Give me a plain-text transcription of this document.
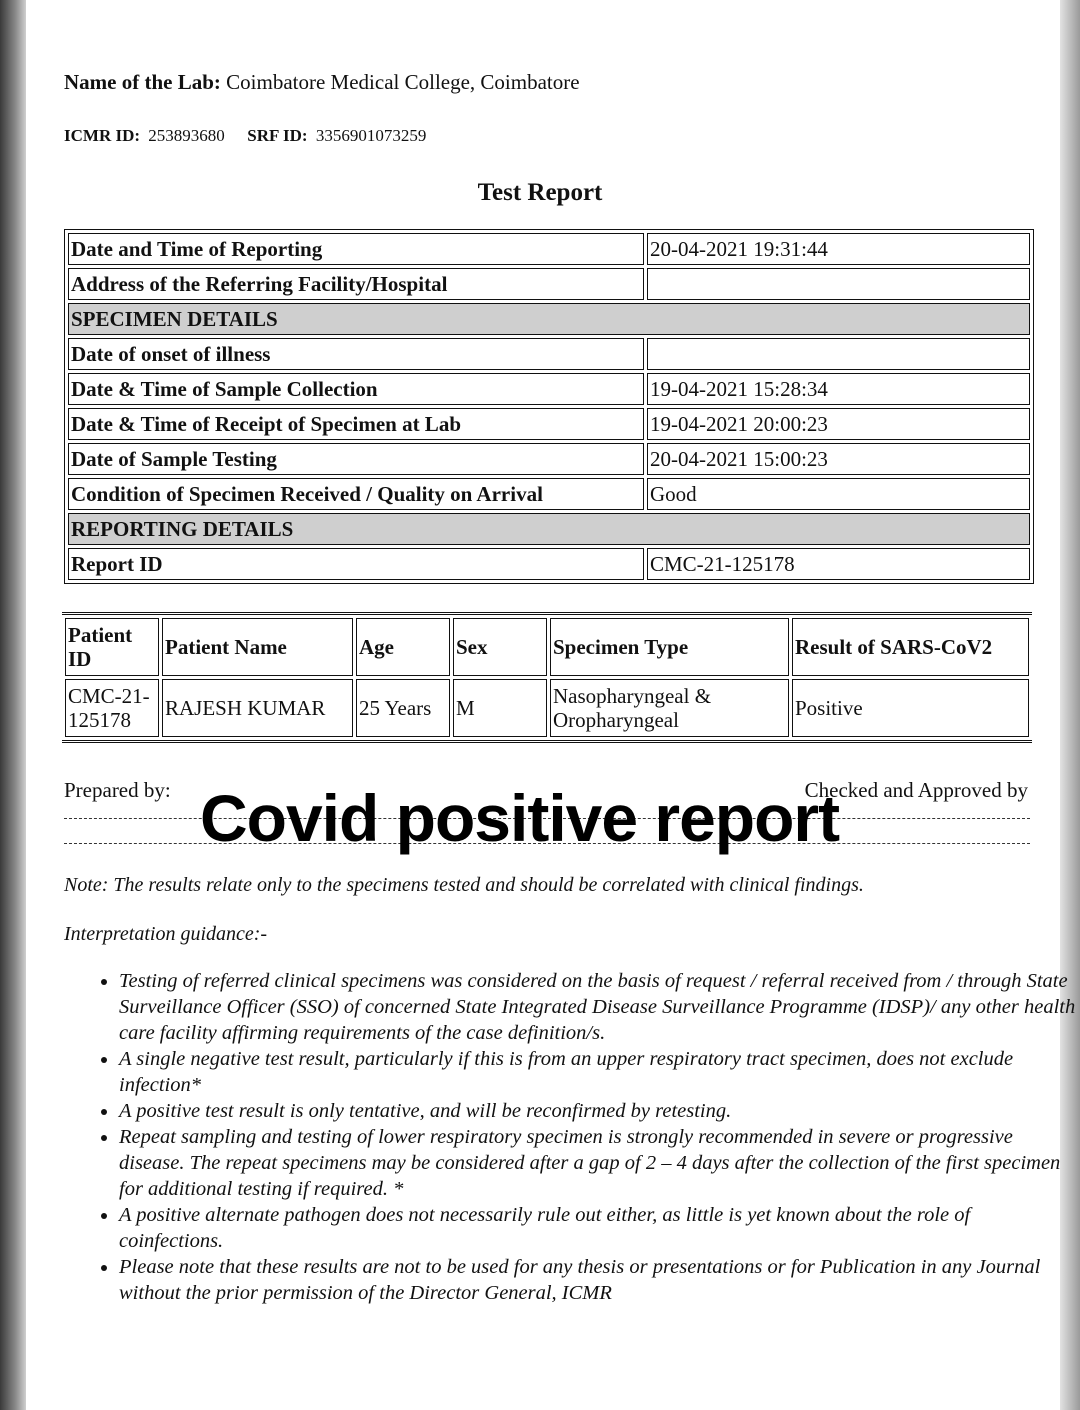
Name of the Lab: Coimbatore Medical College, Coimbatore
ICMR ID: 253893680 SRF ID: 3356901073259
Test Report
Date and Time of Reporting	20-04-2021 19:31:44
Address of the Referring Facility/Hospital	
SPECIMEN DETAILS	
Date of onset of illness	
Date & Time of Sample Collection	19-04-2021 15:28:34
Date & Time of Receipt of Specimen at Lab	19-04-2021 20:00:23
Date of Sample Testing	20-04-2021 15:00:23
Condition of Specimen Received / Quality on Arrival	Good
REPORTING DETAILS	
Report ID	CMC-21-125178
Patient ID	Patient Name	Age	Sex	Specimen Type	Result of SARS-CoV2
CMC-21-125178	RAJESH KUMAR	25 Years	M	Nasopharyngeal & Oropharyngeal	Positive
Prepared by:	Checked and Approved by
Covid positive report
Note: The results relate only to the specimens tested and should be correlated with clinical findings.
Interpretation guidance:-
• Testing of referred clinical specimens was considered on the basis of request / referral received from / through State Surveillance Officer (SSO) of concerned State Integrated Disease Surveillance Programme (IDSP)/ any other health care facility affirming requirements of the case definition/s.
• A single negative test result, particularly if this is from an upper respiratory tract specimen, does not exclude infection*
• A positive test result is only tentative, and will be reconfirmed by retesting.
• Repeat sampling and testing of lower respiratory specimen is strongly recommended in severe or progressive disease. The repeat specimens may be considered after a gap of 2 – 4 days after the collection of the first specimen for additional testing if required. *
• A positive alternate pathogen does not necessarily rule out either, as little is yet known about the role of coinfections.
• Please note that these results are not to be used for any thesis or presentations or for Publication in any Journal without the prior permission of the Director General, ICMR
